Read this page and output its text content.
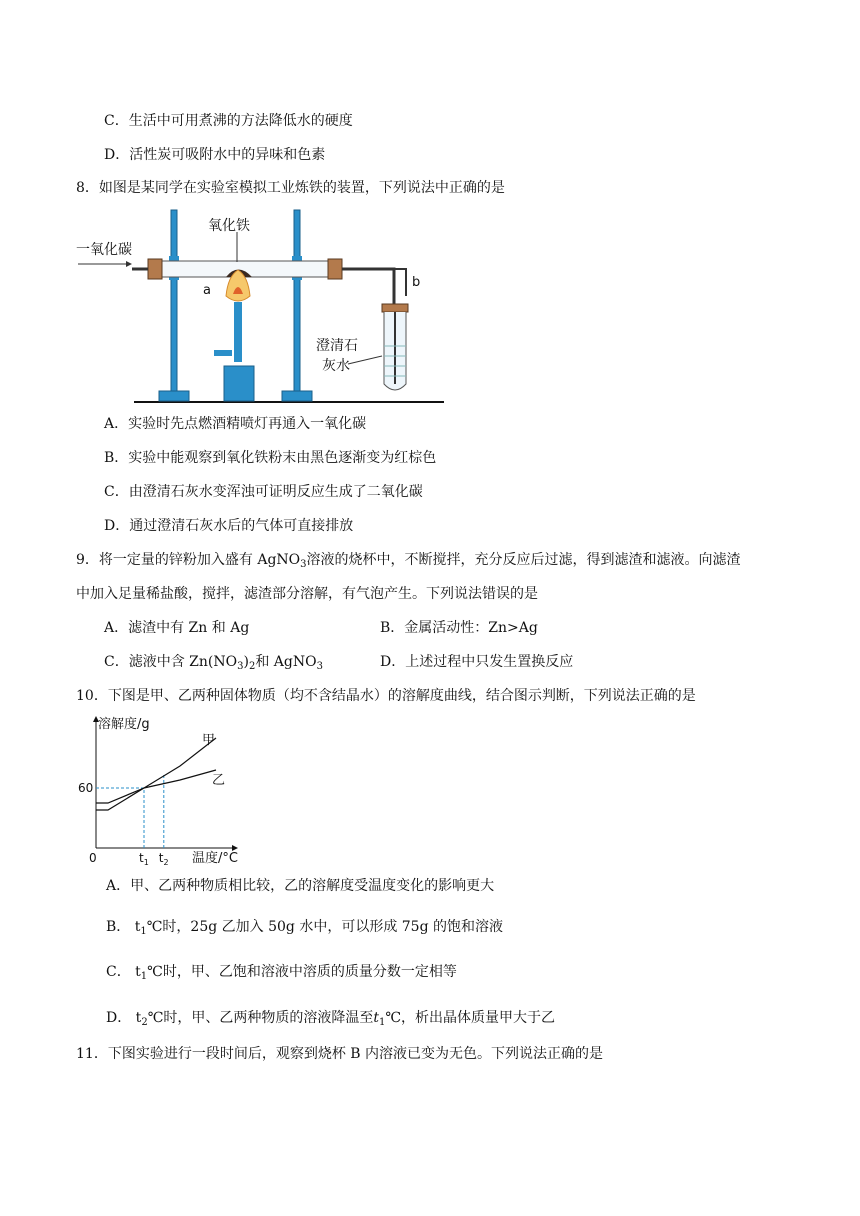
C．生活中可用煮沸的方法降低水的硬度
D．活性炭可吸附水中的异味和色素
8．如图是某同学在实验室模拟工业炼铁的装置，下列说法中正确的是
一氧化碳
氧化铁
a
b
澄清石
灰水
A．实验时先点燃酒精喷灯再通入一氧化碳
B．实验中能观察到氧化铁粉末由黑色逐渐变为红棕色
C．由澄清石灰水变浑浊可证明反应生成了二氧化碳
D．通过澄清石灰水后的气体可直接排放
9．将一定量的锌粉加入盛有 AgNO$_3$溶液的烧杯中，不断搅拌，充分反应后过滤，得到滤渣和滤液。向滤渣
中加入足量稀盐酸，搅拌，滤渣部分溶解，有气泡产生。下列说法错误的是
A．滤渣中有 Zn 和 Ag	B．金属活动性：Zn>Ag
C．滤液中含 $Zn(NO_3)_2$和 AgNO$_3$	D．上述过程中只发生置换反应
10．下图是甲、乙两种固体物质（均不含结晶水）的溶解度曲线，结合图示判断，下列说法正确的是
溶解度/g
温度/°C
0
60
$t_1$ $t_2$
甲
乙
A．甲、乙两种物质相比较，乙的溶解度受温度变化的影响更大
B． $t_1℃$时，25g 乙加入 50g 水中，可以形成 75g 的饱和溶液
C． $t_1℃$时，甲、乙饱和溶液中溶质的质量分数一定相等
D． $t_2℃$时，甲、乙两种物质的溶液降温至$t_1℃$，析出晶体质量甲大于乙
11．下图实验进行一段时间后，观察到烧杯 B 内溶液已变为无色。下列说法正确的是
